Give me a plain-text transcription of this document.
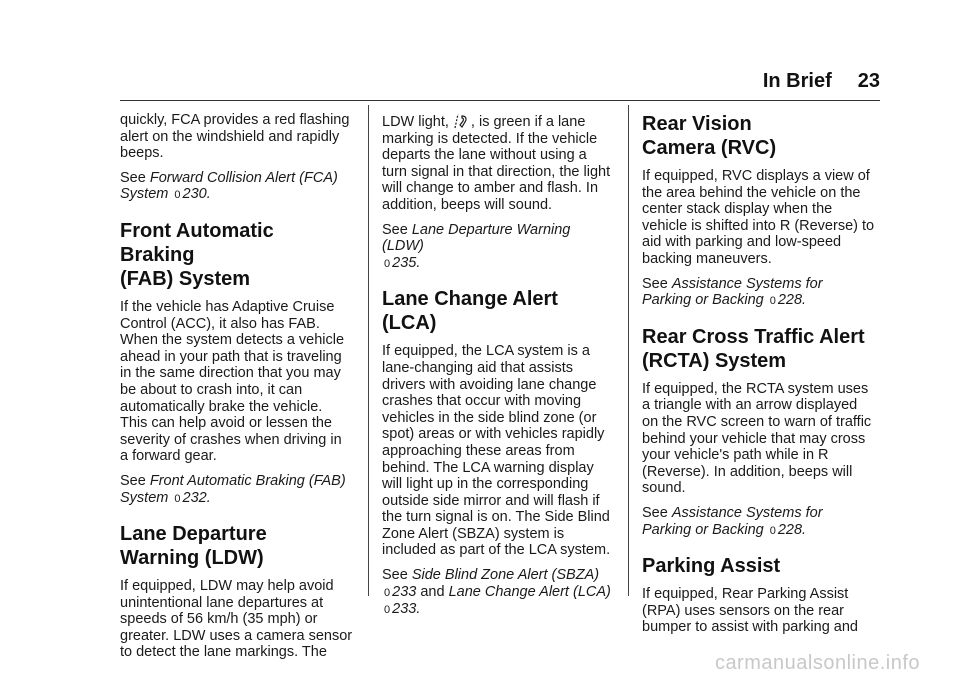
In Brief 23

quickly, FCA provides a red flashing alert on the windshield and rapidly beeps.

See Forward Collision Alert (FCA) System 0 230.

Front Automatic Braking
(FAB) System

If the vehicle has Adaptive Cruise Control (ACC), it also has FAB. When the system detects a vehicle ahead in your path that is traveling in the same direction that you may be about to crash into, it can automatically brake the vehicle. This can help avoid or lessen the severity of crashes when driving in a forward gear.

See Front Automatic Braking (FAB) System 0 232.

Lane Departure
Warning (LDW)

If equipped, LDW may help avoid unintentional lane departures at speeds of 56 km/h (35 mph) or greater. LDW uses a camera sensor to detect the lane markings. The

LDW light, , is green if a lane marking is detected. If the vehicle departs the lane without using a turn signal in that direction, the light will change to amber and flash. In addition, beeps will sound.

See Lane Departure Warning (LDW)
0 235.

Lane Change Alert (LCA)

If equipped, the LCA system is a lane-changing aid that assists drivers with avoiding lane change crashes that occur with moving vehicles in the side blind zone (or spot) areas or with vehicles rapidly approaching these areas from behind. The LCA warning display will light up in the corresponding outside side mirror and will flash if the turn signal is on. The Side Blind Zone Alert (SBZA) system is included as part of the LCA system.

See Side Blind Zone Alert (SBZA)
0 233 and Lane Change Alert (LCA)
0 233.

Rear Vision
Camera (RVC)

If equipped, RVC displays a view of the area behind the vehicle on the center stack display when the vehicle is shifted into R (Reverse) to aid with parking and low-speed backing maneuvers.

See Assistance Systems for Parking or Backing 0 228.

Rear Cross Traffic Alert
(RCTA) System

If equipped, the RCTA system uses a triangle with an arrow displayed on the RVC screen to warn of traffic behind your vehicle that may cross your vehicle's path while in R (Reverse). In addition, beeps will sound.

See Assistance Systems for Parking or Backing 0 228.

Parking Assist

If equipped, Rear Parking Assist (RPA) uses sensors on the rear bumper to assist with parking and

carmanualsonline.info
